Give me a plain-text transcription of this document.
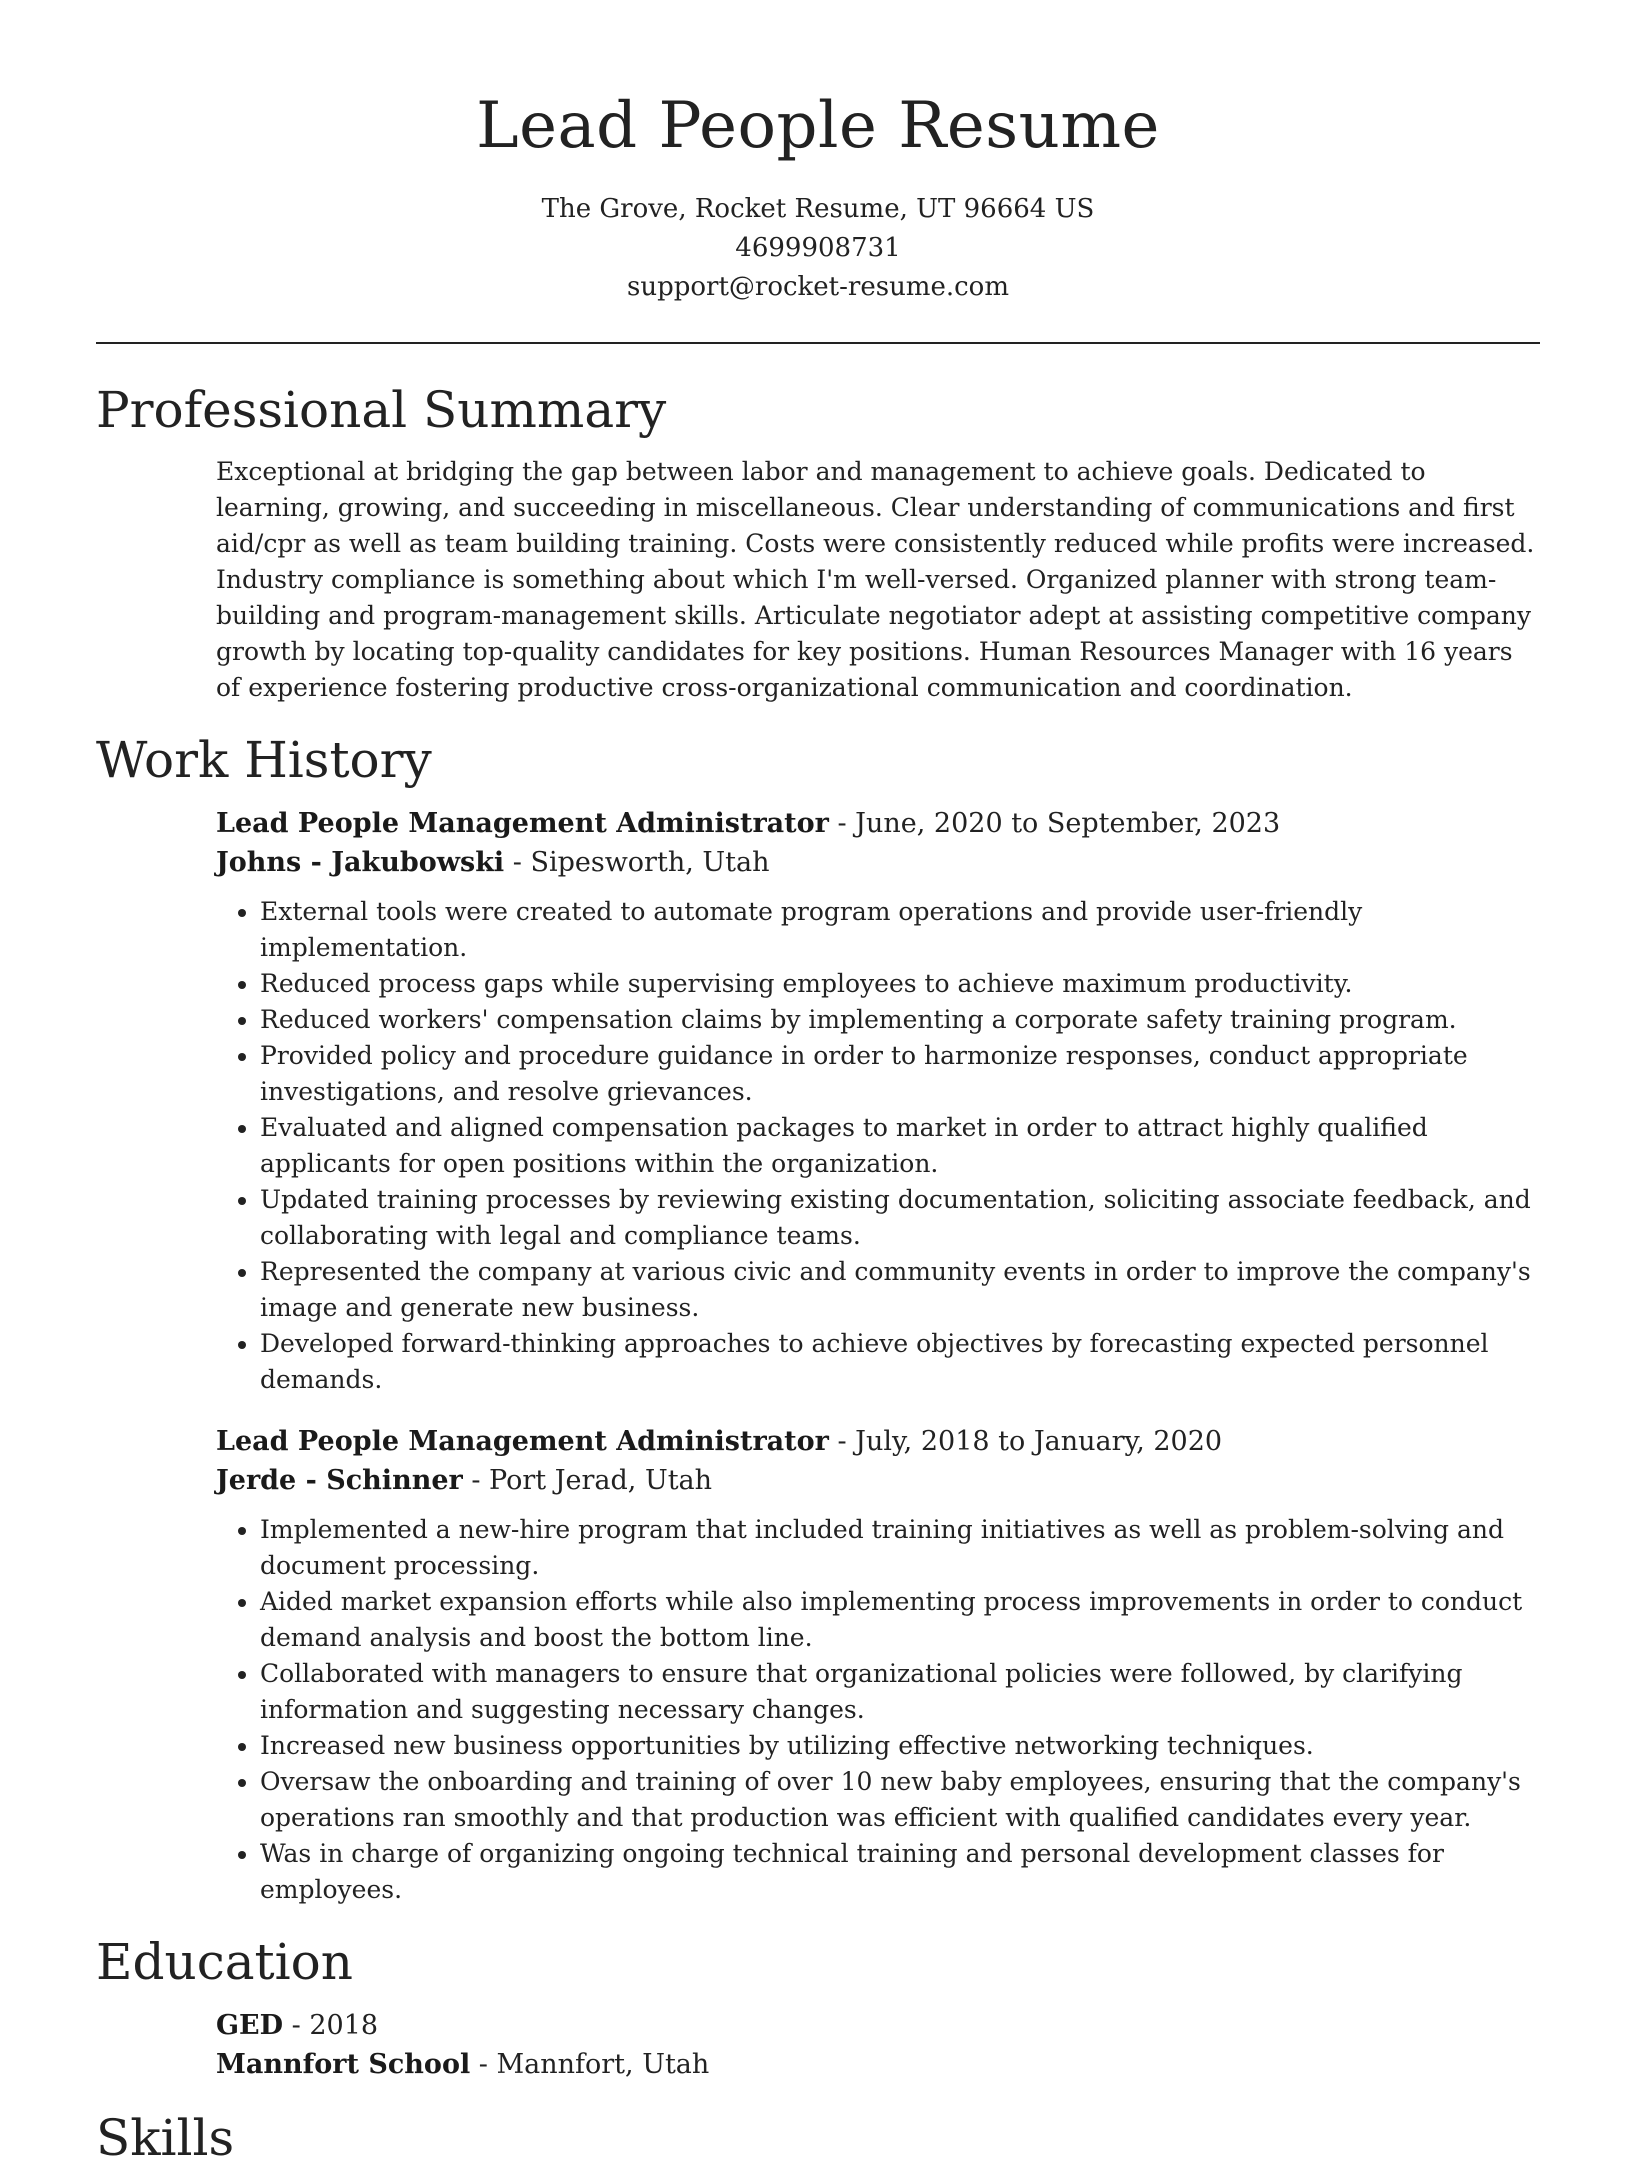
Lead People Resume
The Grove, Rocket Resume, UT 96664 US
4699908731
support@rocket-resume.com
Professional Summary
Exceptional at bridging the gap between labor and management to achieve goals. Dedicated to learning, growing, and succeeding in miscellaneous. Clear understanding of communications and first aid/cpr as well as team building training. Costs were consistently reduced while profits were increased. Industry compliance is something about which I'm well-versed. Organized planner with strong team-building and program-management skills. Articulate negotiator adept at assisting competitive company growth by locating top-quality candidates for key positions. Human Resources Manager with 16 years of experience fostering productive cross-organizational communication and coordination.
Work History
Lead People Management Administrator - June, 2020 to September, 2023
Johns - Jakubowski - Sipesworth, Utah
• External tools were created to automate program operations and provide user-friendly implementation.
• Reduced process gaps while supervising employees to achieve maximum productivity.
• Reduced workers' compensation claims by implementing a corporate safety training program.
• Provided policy and procedure guidance in order to harmonize responses, conduct appropriate investigations, and resolve grievances.
• Evaluated and aligned compensation packages to market in order to attract highly qualified applicants for open positions within the organization.
• Updated training processes by reviewing existing documentation, soliciting associate feedback, and collaborating with legal and compliance teams.
• Represented the company at various civic and community events in order to improve the company's image and generate new business.
• Developed forward-thinking approaches to achieve objectives by forecasting expected personnel demands.
Lead People Management Administrator - July, 2018 to January, 2020
Jerde - Schinner - Port Jerad, Utah
• Implemented a new-hire program that included training initiatives as well as problem-solving and document processing.
• Aided market expansion efforts while also implementing process improvements in order to conduct demand analysis and boost the bottom line.
• Collaborated with managers to ensure that organizational policies were followed, by clarifying information and suggesting necessary changes.
• Increased new business opportunities by utilizing effective networking techniques.
• Oversaw the onboarding and training of over 10 new baby employees, ensuring that the company's operations ran smoothly and that production was efficient with qualified candidates every year.
• Was in charge of organizing ongoing technical training and personal development classes for employees.
Education
GED - 2018
Mannfort School - Mannfort, Utah
Skills
